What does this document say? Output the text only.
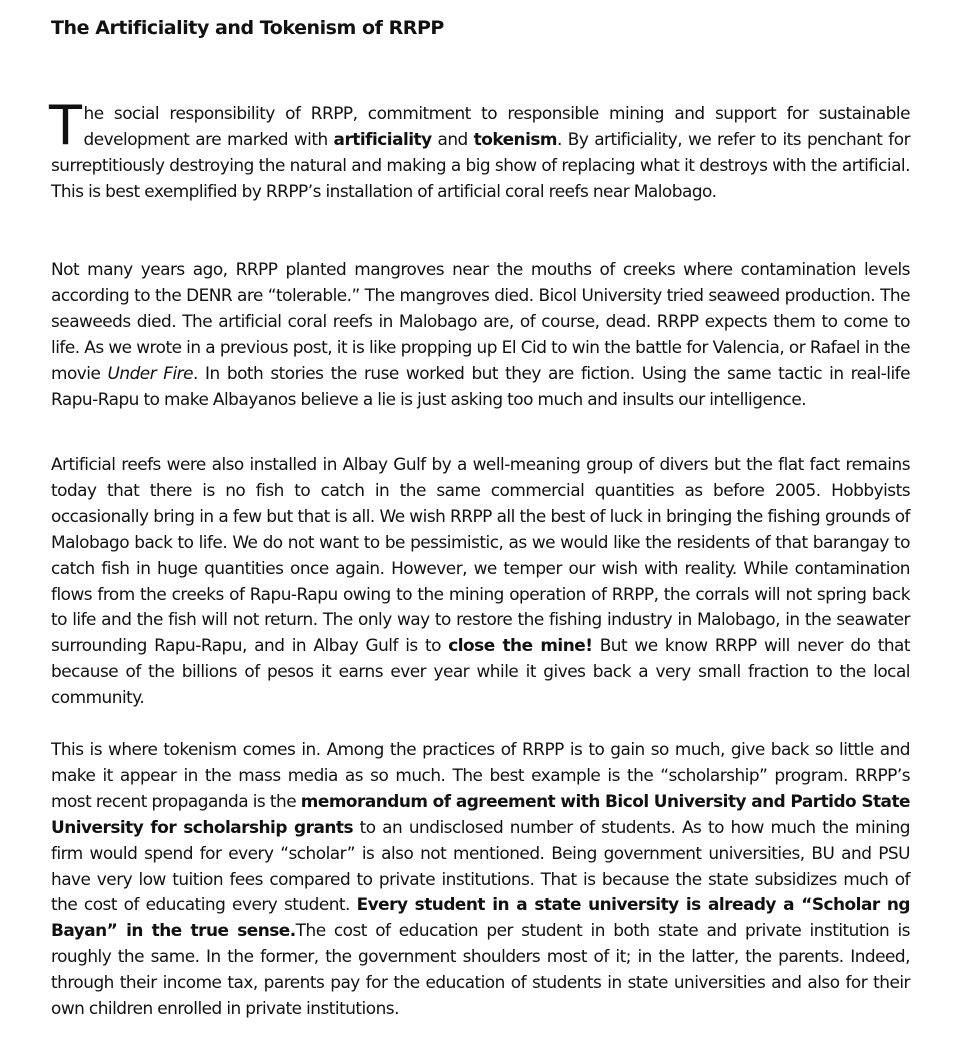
The Artificiality and Tokenism of RRPP

The social responsibility of RRPP, commitment to responsible mining and support for sustainable development are marked with artificiality and tokenism. By artificiality, we refer to its penchant for surreptitiously destroying the natural and making a big show of replacing what it destroys with the artificial. This is best exemplified by RRPP’s installation of artificial coral reefs near Malobago.

Not many years ago, RRPP planted mangroves near the mouths of creeks where contamination levels according to the DENR are “tolerable.” The mangroves died. Bicol University tried seaweed production. The seaweeds died. The artificial coral reefs in Malobago are, of course, dead. RRPP expects them to come to life. As we wrote in a previous post, it is like propping up El Cid to win the battle for Valencia, or Rafael in the movie Under Fire. In both stories the ruse worked but they are fiction. Using the same tactic in real-life Rapu-Rapu to make Albayanos believe a lie is just asking too much and insults our intelligence.

Artificial reefs were also installed in Albay Gulf by a well-meaning group of divers but the flat fact remains today that there is no fish to catch in the same commercial quantities as before 2005. Hobbyists occasionally bring in a few but that is all. We wish RRPP all the best of luck in bringing the fishing grounds of Malobago back to life. We do not want to be pessimistic, as we would like the residents of that barangay to catch fish in huge quantities once again. However, we temper our wish with reality. While contamination flows from the creeks of Rapu-Rapu owing to the mining operation of RRPP, the corrals will not spring back to life and the fish will not return. The only way to restore the fishing industry in Malobago, in the seawater surrounding Rapu-Rapu, and in Albay Gulf is to close the mine! But we know RRPP will never do that because of the billions of pesos it earns ever year while it gives back a very small fraction to the local community.

This is where tokenism comes in. Among the practices of RRPP is to gain so much, give back so little and make it appear in the mass media as so much. The best example is the “scholarship” program. RRPP’s most recent propaganda is the memorandum of agreement with Bicol University and Partido State University for scholarship grants to an undisclosed number of students. As to how much the mining firm would spend for every “scholar” is also not mentioned. Being government universities, BU and PSU have very low tuition fees compared to private institutions. That is because the state subsidizes much of the cost of educating every student. Every student in a state university is already a “Scholar ng Bayan” in the true sense.The cost of education per student in both state and private institution is roughly the same. In the former, the government shoulders most of it; in the latter, the parents. Indeed, through their income tax, parents pay for the education of students in state universities and also for their own children enrolled in private institutions.
